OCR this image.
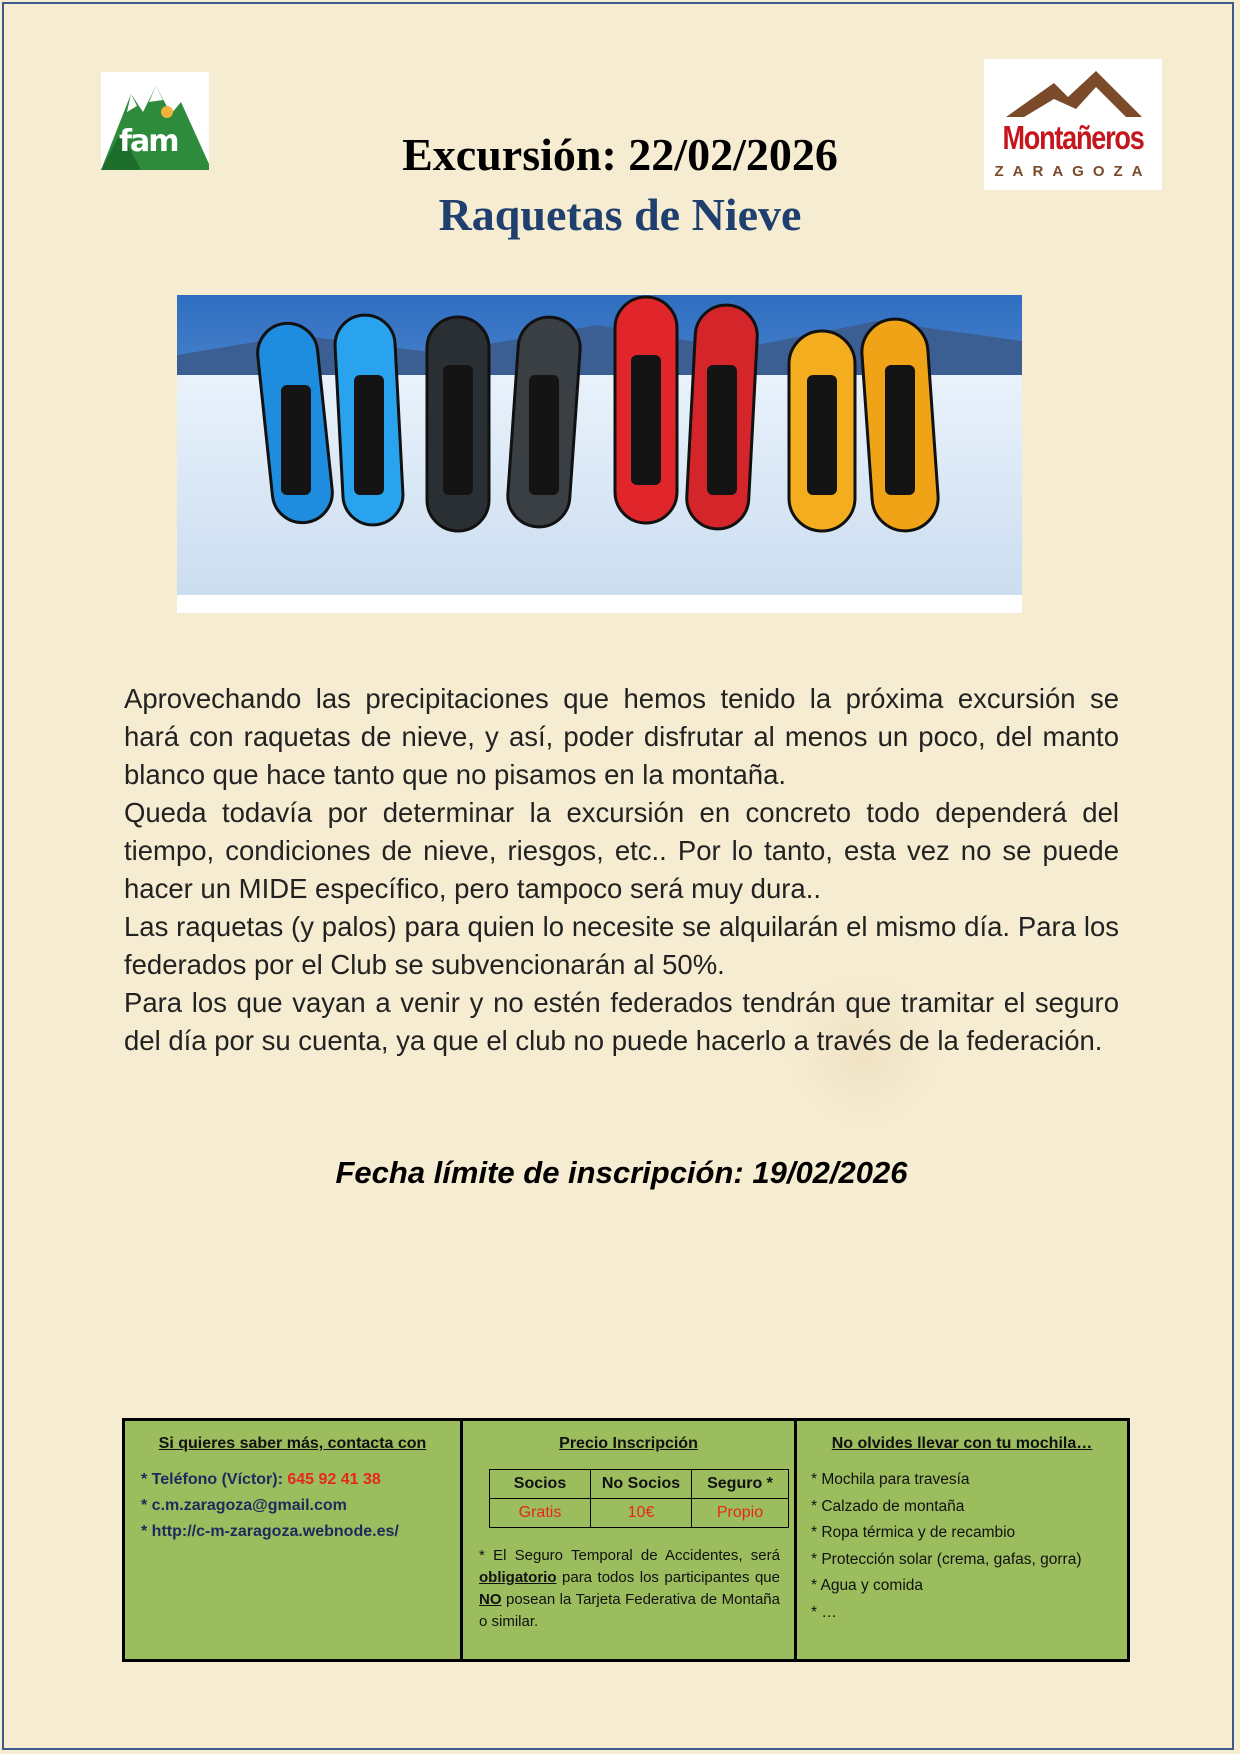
fam	Montañeros
ZARAGOZA
Excursión: 22/02/2026
Raquetas de Nieve

Aprovechando las precipitaciones que hemos tenido la próxima excursión se hará con raquetas de nieve, y así, poder disfrutar al menos un poco, del manto blanco que hace tanto que no pisamos en la montaña.

Queda todavía por determinar la excursión en concreto todo dependerá del tiempo, condiciones de nieve, riesgos, etc.. Por lo tanto, esta vez no se puede hacer un MIDE específico, pero tampoco será muy dura..

Las raquetas (y palos) para quien lo necesite se alquilarán el mismo día. Para los federados por el Club se subvencionarán al 50%.

Para los que vayan a venir y no estén federados tendrán que tramitar el seguro del día por su cuenta, ya que el club no puede hacerlo a través de la federación.

Fecha límite de inscripción: 19/02/2026
Si quieres saber más, contacta con
* Teléfono (Víctor): 645 92 41 38
* c.m.zaragoza@gmail.com
* http://c-m-zaragoza.webnode.es/
Precio Inscripción
Socios	No Socios	Seguro *
Gratis	10€	Propio
* El Seguro Temporal de Accidentes, será obligatorio para todos los participantes que NO posean la Tarjeta Federativa de Montaña o similar.
No olvides llevar con tu mochila…
* Mochila para travesía
* Calzado de montaña
* Ropa térmica y de recambio
* Protección solar (crema, gafas, gorra)
* Agua y comida
* …
